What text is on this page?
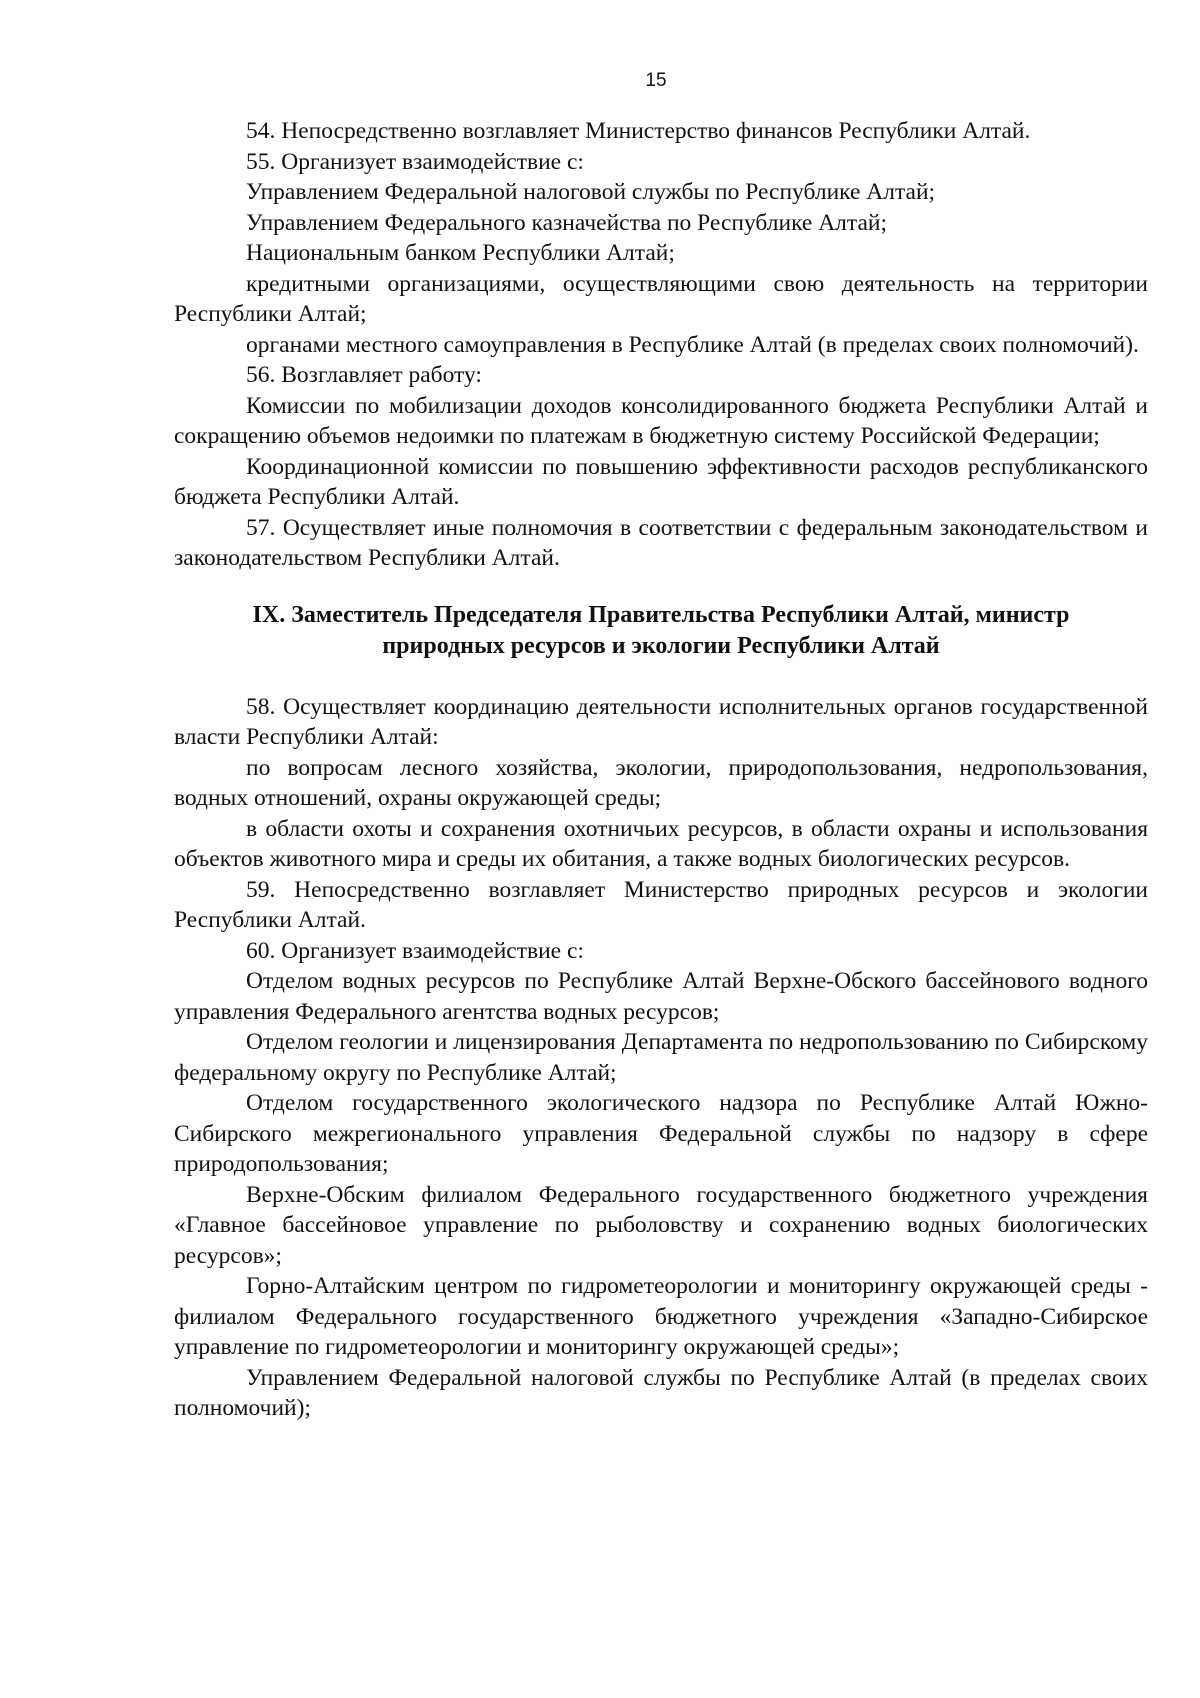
15

54. Непосредственно возглавляет Министерство финансов Республики Алтай.

55. Организует взаимодействие с:

Управлением Федеральной налоговой службы по Республике Алтай;

Управлением Федерального казначейства по Республике Алтай;

Национальным банком Республики Алтай;

кредитными организациями, осуществляющими свою деятельность на территории Республики Алтай;

органами местного самоуправления в Республике Алтай (в пределах своих полномочий).

56. Возглавляет работу:

Комиссии по мобилизации доходов консолидированного бюджета Республики Алтай и сокращению объемов недоимки по платежам в бюджетную систему Российской Федерации;

Координационной комиссии по повышению эффективности расходов республиканского бюджета Республики Алтай.

57. Осуществляет иные полномочия в соответствии с федеральным законодательством и законодательством Республики Алтай.

IX. Заместитель Председателя Правительства Республики Алтай, министр
природных ресурсов и экологии Республики Алтай

58. Осуществляет координацию деятельности исполнительных органов государственной власти Республики Алтай:

по вопросам лесного хозяйства, экологии, природопользования, недропользования, водных отношений, охраны окружающей среды;

в области охоты и сохранения охотничьих ресурсов, в области охраны и использования объектов животного мира и среды их обитания, а также водных биологических ресурсов.

59. Непосредственно возглавляет Министерство природных ресурсов и экологии Республики Алтай.

60. Организует взаимодействие с:

Отделом водных ресурсов по Республике Алтай Верхне-Обского бассейнового водного управления Федерального агентства водных ресурсов;

Отделом геологии и лицензирования Департамента по недропользованию по Сибирскому федеральному округу по Республике Алтай;

Отделом государственного экологического надзора по Республике Алтай Южно-Сибирского межрегионального управления Федеральной службы по надзору в сфере природопользования;

Верхне-Обским филиалом Федерального государственного бюджетного учреждения «Главное бассейновое управление по рыболовству и сохранению водных биологических ресурсов»;

Горно-Алтайским центром по гидрометеорологии и мониторингу окружающей среды - филиалом Федерального государственного бюджетного учреждения «Западно-Сибирское управление по гидрометеорологии и мониторингу окружающей среды»;

Управлением Федеральной налоговой службы по Республике Алтай (в пределах своих полномочий);
